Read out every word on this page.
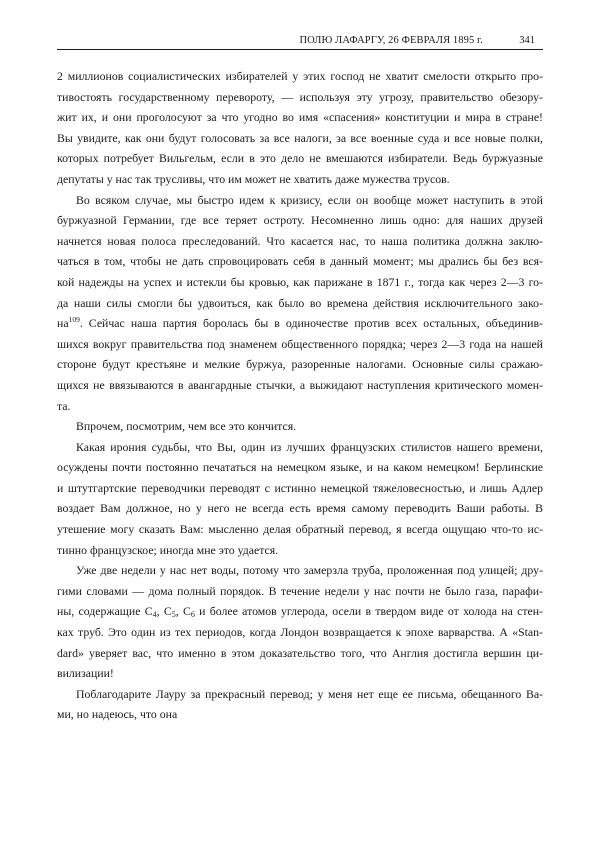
ПОЛЮ ЛАФАРГУ, 26 ФЕВРАЛЯ 1895 г.	341
2 миллионов социалистических избирателей у этих господ не хватит смелости открыто про-
тивостоять государственному перевороту, — используя эту угрозу, правительство обезору-
жит их, и они проголосуют за что угодно во имя «спасения» конституции и мира в стране!
Вы увидите, как они будут голосовать за все налоги, за все военные суда и все новые полки,
которых потребует Вильгельм, если в это дело не вмешаются избиратели. Ведь буржуазные
депутаты у нас так трусливы, что им может не хватить даже мужества трусов.
Во всяком случае, мы быстро идем к кризису, если он вообще может наступить в этой
буржуазной Германии, где все теряет остроту. Несомненно лишь одно: для наших друзей
начнется новая полоса преследований. Что касается нас, то наша политика должна заклю-
чаться в том, чтобы не дать спровоцировать себя в данный момент; мы дрались бы без вся-
кой надежды на успех и истекли бы кровью, как парижане в 1871 г., тогда как через 2—3 го-
да наши силы смогли бы удвоиться, как было во времена действия исключительного зако-
$на^{109}$. Сейчас наша партия боролась бы в одиночестве против всех остальных, объединив-
шихся вокруг правительства под знаменем общественного порядка; через 2—3 года на нашей
стороне будут крестьяне и мелкие буржуа, разоренные налогами. Основные силы сражаю-
щихся не ввязываются в авангардные стычки, а выжидают наступления критического момен-
та.
Впрочем, посмотрим, чем все это кончится.
Какая ирония судьбы, что Вы, один из лучших французских стилистов нашего времени,
осуждены почти постоянно печататься на немецком языке, и на каком немецком! Берлинские
и штутгартские переводчики переводят с истинно немецкой тяжеловесностью, и лишь Адлер
воздает Вам должное, но у него не всегда есть время самому переводить Ваши работы. В
утешение могу сказать Вам: мысленно делая обратный перевод, я всегда ощущаю что-то ис-
тинно французское; иногда мне это удается.
Уже две недели у нас нет воды, потому что замерзла труба, проложенная под улицей; дру-
гими словами — дома полный порядок. В течение недели у нас почти не было газа, парафи-
ны, содержащие $C_4$, $C_5$, $C_6$ и более атомов углерода, осели в твердом виде от холода на стен-
ках труб. Это один из тех периодов, когда Лондон возвращается к эпохе варварства. А «Stan-
dard» уверяет вас, что именно в этом доказательство того, что Англия достигла вершин ци-
вилизации!
Поблагодарите Лауру за прекрасный перевод; у меня нет еще ее письма, обещанного Ва-
ми, но надеюсь, что она
